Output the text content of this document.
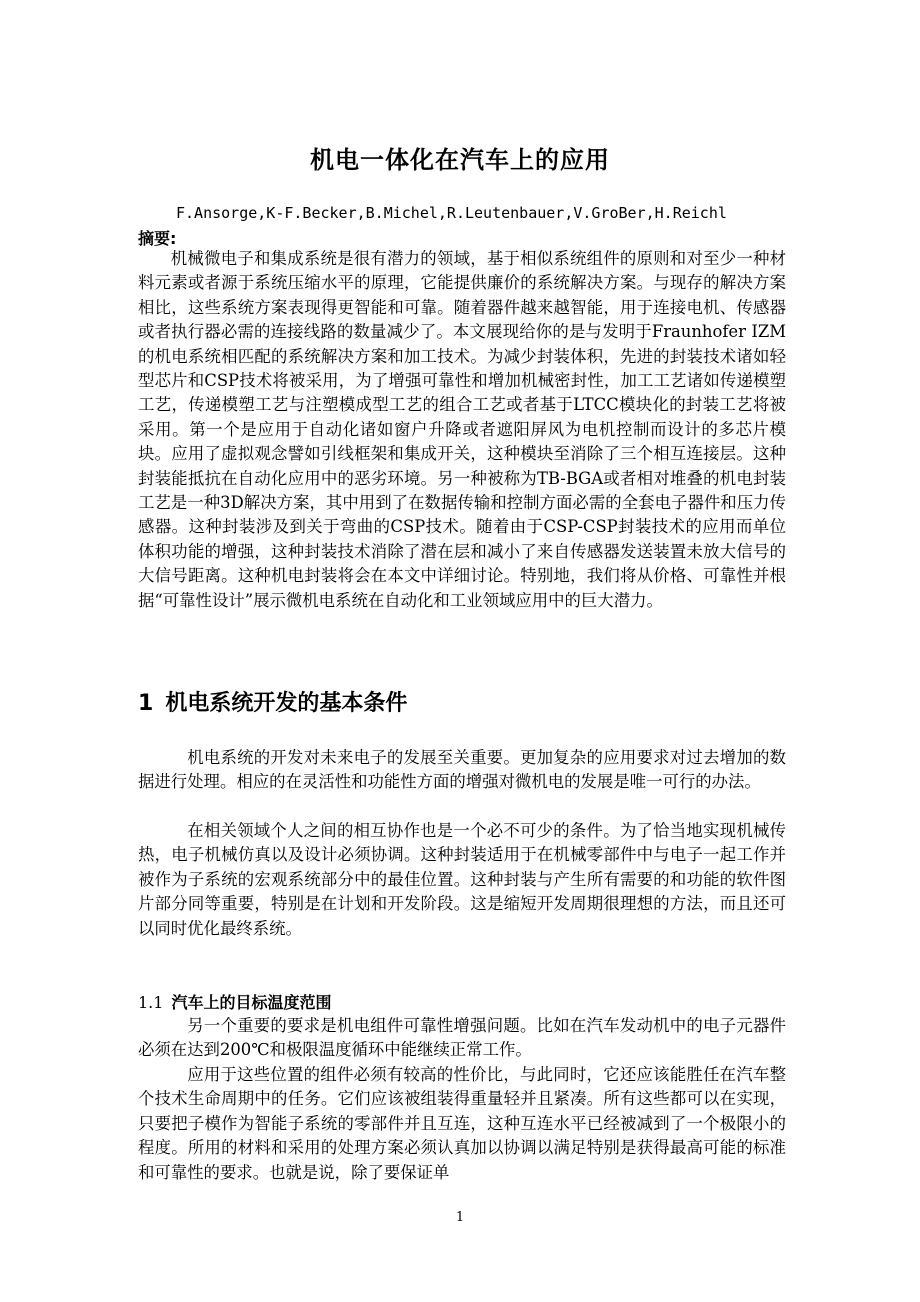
机电一体化在汽车上的应用
F.Ansorge,K-F.Becker,B.Michel,R.Leutenbauer,V.GroBer,H.Reichl
摘要:

机械微电子和集成系统是很有潜力的领域，基于相似系统组件的原则和对至少一种材料元素或者源于系统压缩水平的原理，它能提供廉价的系统解决方案。与现存的解决方案相比，这些系统方案表现得更智能和可靠。随着器件越来越智能，用于连接电机、传感器或者执行器必需的连接线路的数量减少了。本文展现给你的是与发明于Fraunhofer IZM的机电系统相匹配的系统解决方案和加工技术。为减少封装体积，先进的封装技术诸如轻型芯片和CSP技术将被采用，为了增强可靠性和增加机械密封性，加工工艺诸如传递模塑工艺，传递模塑工艺与注塑模成型工艺的组合工艺或者基于LTCC模块化的封装工艺将被采用。第一个是应用于自动化诸如窗户升降或者遮阳屏风为电机控制而设计的多芯片模块。应用了虚拟观念譬如引线框架和集成开关，这种模块至消除了三个相互连接层。这种封装能抵抗在自动化应用中的恶劣环境。另一种被称为TB-BGA或者相对堆叠的机电封装工艺是一种3D解决方案，其中用到了在数据传输和控制方面必需的全套电子器件和压力传感器。这种封装涉及到关于弯曲的CSP技术。随着由于CSP-CSP封装技术的应用而单位体积功能的增强，这种封装技术消除了潜在层和减小了来自传感器发送装置未放大信号的大信号距离。这种机电封装将会在本文中详细讨论。特别地，我们将从价格、可靠性并根据“可靠性设计”展示微机电系统在自动化和工业领域应用中的巨大潜力。

1 机电系统开发的基本条件

机电系统的开发对未来电子的发展至关重要。更加复杂的应用要求对过去增加的数据进行处理。相应的在灵活性和功能性方面的增强对微机电的发展是唯一可行的办法。

在相关领域个人之间的相互协作也是一个必不可少的条件。为了恰当地实现机械传热，电子机械仿真以及设计必须协调。这种封装适用于在机械零部件中与电子一起工作并被作为子系统的宏观系统部分中的最佳位置。这种封装与产生所有需要的和功能的软件图片部分同等重要，特别是在计划和开发阶段。这是缩短开发周期很理想的方法，而且还可以同时优化最终系统。

1.1 汽车上的目标温度范围

另一个重要的要求是机电组件可靠性增强问题。比如在汽车发动机中的电子元器件必须在达到200℃和极限温度循环中能继续正常工作。

应用于这些位置的组件必须有较高的性价比，与此同时，它还应该能胜任在汽车整个技术生命周期中的任务。它们应该被组装得重量轻并且紧凑。所有这些都可以在实现，只要把子模作为智能子系统的零部件并且互连，这种互连水平已经被减到了一个极限小的程度。所用的材料和采用的处理方案必须认真加以协调以满足特别是获得最高可能的标准和可靠性的要求。也就是说，除了要保证单

1
